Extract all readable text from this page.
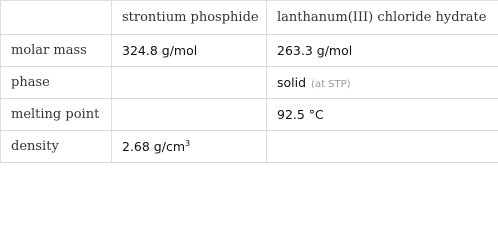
	strontium phosphide	lanthanum(III) chloride hydrate
molar mass	324.8 g/mol	263.3 g/mol
phase		solid (at STP)
melting point		92.5 °C
density	2.68 $g/cm^3$	
